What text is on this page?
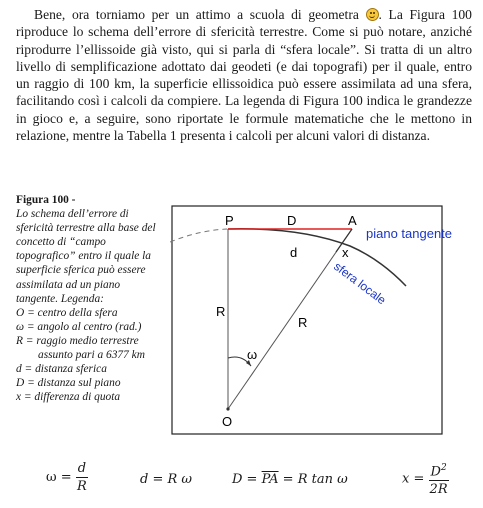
Bene, ora torniamo per un attimo a scuola di geometra . La Figura 100 riproduce lo schema dell’errore di sfericità terrestre. Come si può notare, anziché riprodurre l’ellissoide già visto, qui si parla di “sfera locale”. Si tratta di un altro livello di semplificazione adottato dai geodeti (e dai topografi) per il quale, entro un raggio di 100 km, la superficie ellissoidica può essere assimilata ad una sfera, facilitando così i calcoli da compiere. La legenda di Figura 100 indica le grandezze in gioco e, a seguire, sono riportate le formule matematiche che le mettono in relazione, mentre la Tabella 1 presenta i calcoli per alcuni valori di distanza.
Figura 100 -
Lo schema dell’errore di sfericità terrestre alla base del concetto di “campo topografico” entro il quale la superficie sferica può essere assimilata ad un piano tangente. Legenda:
O = centro della sfera
ω = angolo al centro (rad.)
R = raggio medio terrestre
assunto pari a 6377 km
d = distanza sferica
D = distanza sul piano
x = differenza di quota
P	D	A
piano tangente
d	x
sfera locale
R
R
ω
O
$\omega = \frac{d}{R}$	d = R ω	$D = \overline{PA} = R$ tan ω	$x = \frac{D^2}{2R}$
